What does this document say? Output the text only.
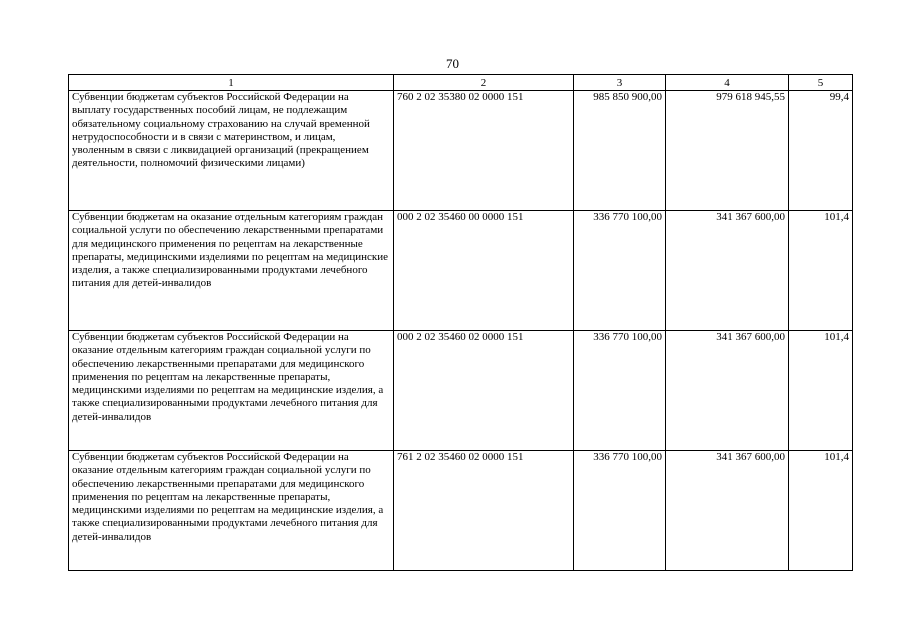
70
1	2	3	4	5
Субвенции бюджетам субъектов Российской Федерации на выплату государственных пособий лицам, не подлежащим обязательному социальному страхованию на случай временной нетрудоспособности и в связи с материнством, и лицам, уволенным в связи с ликвидацией организаций (прекращением деятельности, полномочий физическими лицами)	760 2 02 35380 02 0000 151	985 850 900,00	979 618 945,55	99,4
Субвенции бюджетам на оказание отдельным категориям граждан социальной услуги по обеспечению лекарственными препаратами для медицинского применения по рецептам на лекарственные препараты, медицинскими изделиями по рецептам на медицинские изделия, а также специализированными продуктами лечебного питания для детей-инвалидов	000 2 02 35460 00 0000 151	336 770 100,00	341 367 600,00	101,4
Субвенции бюджетам субъектов Российской Федерации на оказание отдельным категориям граждан социальной услуги по обеспечению лекарственными препаратами для медицинского применения по рецептам на лекарственные препараты, медицинскими изделиями по рецептам на медицинские изделия, а также специализированными продуктами лечебного питания для детей-инвалидов	000 2 02 35460 02 0000 151	336 770 100,00	341 367 600,00	101,4
Субвенции бюджетам субъектов Российской Федерации на оказание отдельным категориям граждан социальной услуги по обеспечению лекарственными препаратами для медицинского применения по рецептам на лекарственные препараты, медицинскими изделиями по рецептам на медицинские изделия, а также специализированными продуктами лечебного питания для детей-инвалидов	761 2 02 35460 02 0000 151	336 770 100,00	341 367 600,00	101,4
